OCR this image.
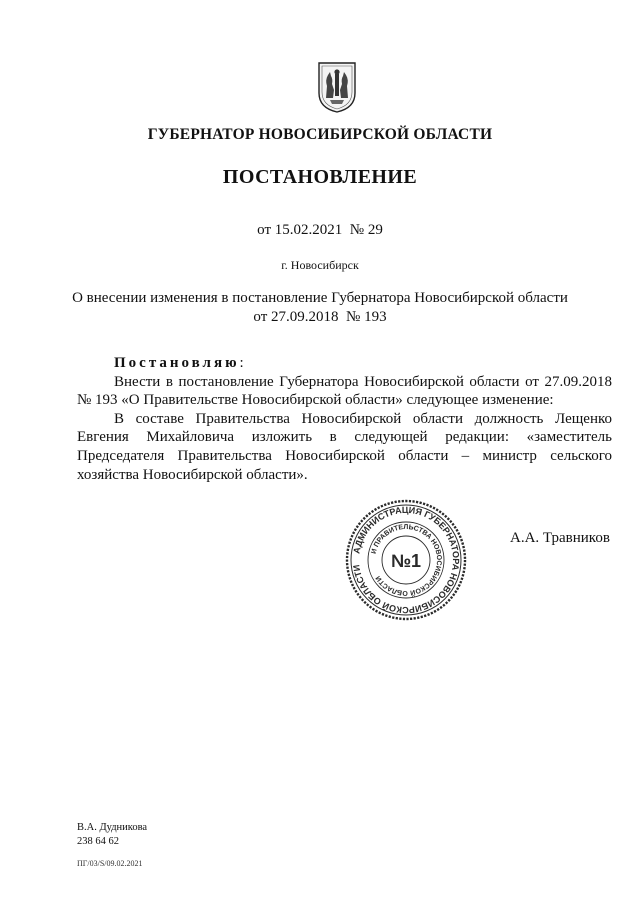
ГУБЕРНАТОР НОВОСИБИРСКОЙ ОБЛАСТИ
ПОСТАНОВЛЕНИЕ
от 15.02.2021  № 29
г. Новосибирск
О внесении изменения в постановление Губернатора Новосибирской области
от 27.09.2018  № 193

Постановляю:

Внести в постановление Губернатора Новосибирской области от 27.09.2018 № 193 «О Правительстве Новосибирской области» следующее изменение:

В составе Правительства Новосибирской области должность Лещенко Евгения Михайловича изложить в следующей редакции: «заместитель Председателя Правительства Новосибирской области – министр сельского хозяйства Новосибирской области».

АДМИНИСТРАЦИЯ ГУБЕРНАТОРА НОВОСИБИРСКОЙ ОБЛАСТИ
И ПРАВИТЕЛЬСТВА НОВОСИБИРСКОЙ ОБЛАСТИ
№1
А.А. Травников
В.А. Дудникова
238 64 62
ПГ/03/S/09.02.2021
